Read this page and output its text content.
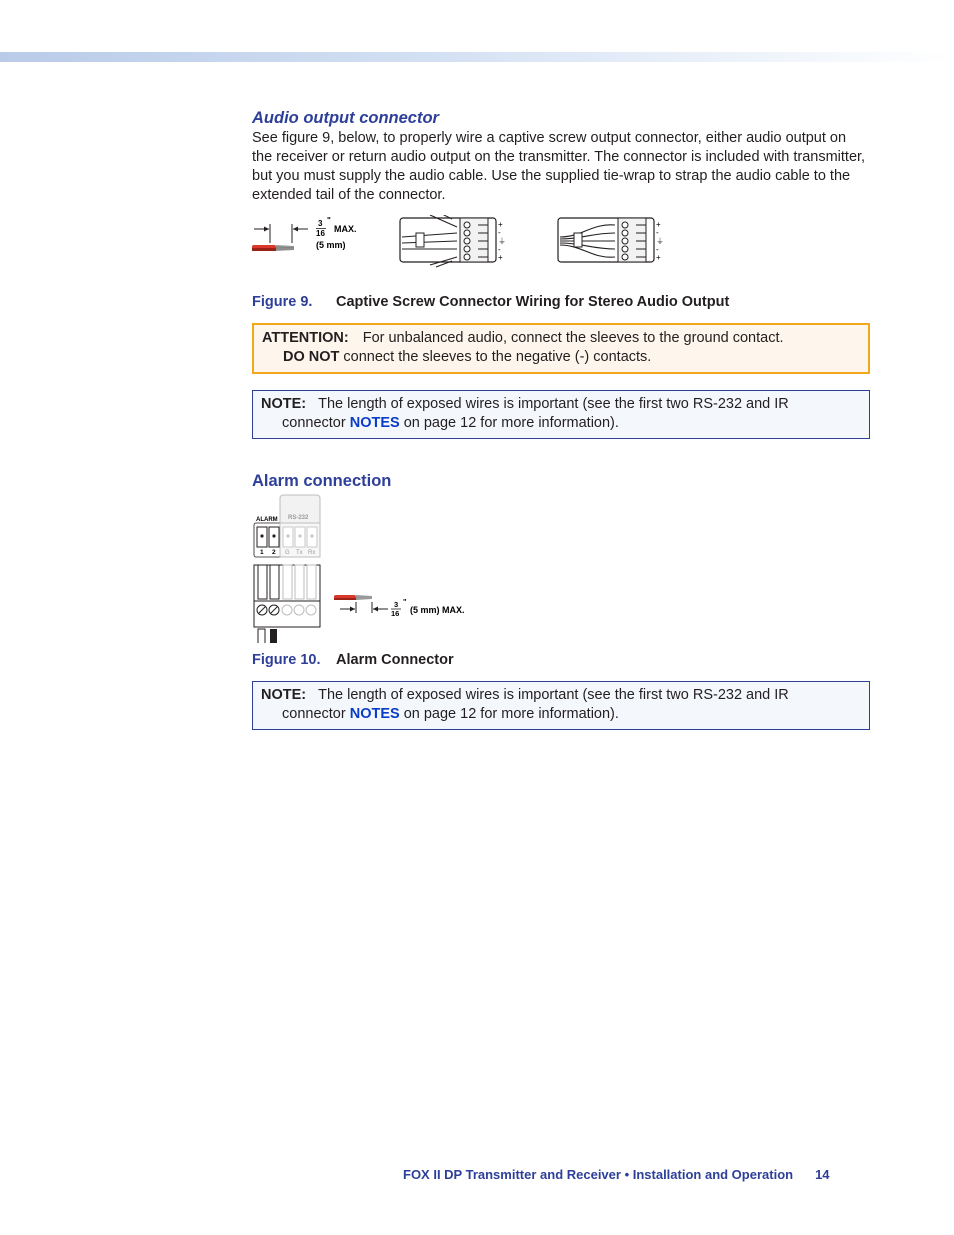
Audio output connector

See figure 9, below, to properly wire a captive screw output connector, either audio output on the receiver or return audio output on the transmitter. The connector is included with transmitter, but you must supply the audio cable. Use the supplied tie-wrap to strap the audio cable to the extended tail of the connector.

3
16
"
MAX.
(5 mm)
+
-
⏚
-
+
+
-
⏚
-
+

Figure 9. Captive Screw Connector Wiring for Stereo Audio Output

ATTENTION: For unbalanced audio, connect the sleeves to the ground contact.
DO NOT connect the sleeves to the negative (-) contacts.
NOTE: The length of exposed wires is important (see the first two RS-232 and IR
connector NOTES on page 12 for more information).
Alarm connection
ALARM RS-232
1 2 G Tx Rx
3
16
"
(5 mm) MAX.

Figure 10. Alarm Connector

NOTE: The length of exposed wires is important (see the first two RS-232 and IR
connector NOTES on page 12 for more information).
FOX II DP Transmitter and Receiver • Installation and Operation 14
